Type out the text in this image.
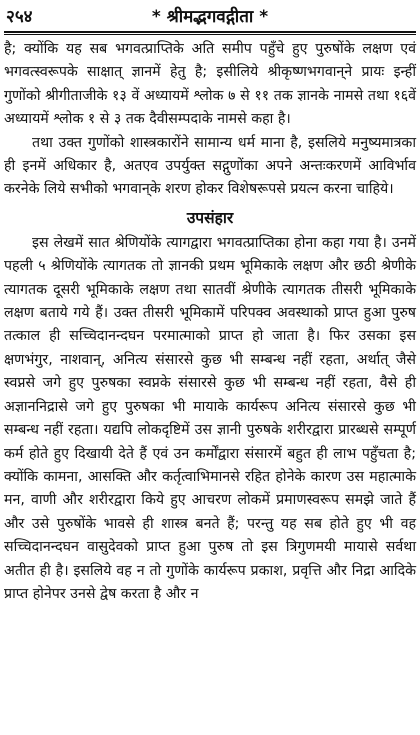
२५४	* श्रीमद्भगवद्गीता *

है; क्योंकि यह सब भगवत्प्राप्तिके अति समीप पहुँचे हुए पुरुषोंके लक्षण एवं भगवत्स्वरूपके साक्षात् ज्ञानमें हेतु है; इसीलिये श्रीकृष्णभगवान्‌ने प्रायः इन्हीं गुणोंको श्रीगीताजीके १३ वें अध्यायमें श्लोक ७ से ११ तक ज्ञानके नामसे तथा १६वें अध्यायमें श्लोक १ से ३ तक दैवीसम्पदाके नामसे कहा है।

तथा उक्त गुणोंको शास्त्रकारोंने सामान्य धर्म माना है, इसलिये मनुष्यमात्रका ही इनमें अधिकार है, अतएव उपर्युक्त सद्गुणोंका अपने अन्तःकरणमें आविर्भाव करनेके लिये सभीको भगवान्‌के शरण होकर विशेषरूपसे प्रयत्न करना चाहिये।

उपसंहार

इस लेखमें सात श्रेणियोंके त्यागद्वारा भगवत्प्राप्तिका होना कहा गया है। उनमें पहली ५ श्रेणियोंके त्यागतक तो ज्ञानकी प्रथम भूमिकाके लक्षण और छठी श्रेणीके त्यागतक दूसरी भूमिकाके लक्षण तथा सातवीं श्रेणीके त्यागतक तीसरी भूमिकाके लक्षण बताये गये हैं। उक्त तीसरी भूमिकामें परिपक्व अवस्थाको प्राप्त हुआ पुरुष तत्काल ही सच्चिदानन्दघन परमात्माको प्राप्त हो जाता है। फिर उसका इस क्षणभंगुर, नाशवान्, अनित्य संसारसे कुछ भी सम्बन्ध नहीं रहता, अर्थात् जैसे स्वप्नसे जगे हुए पुरुषका स्वप्नके संसारसे कुछ भी सम्बन्ध नहीं रहता, वैसे ही अज्ञाननिद्रासे जगे हुए पुरुषका भी मायाके कार्यरूप अनित्य संसारसे कुछ भी सम्बन्ध नहीं रहता। यद्यपि लोकदृष्टिमें उस ज्ञानी पुरुषके शरीरद्वारा प्रारब्धसे सम्पूर्ण कर्म होते हुए दिखायी देते हैं एवं उन कर्मोंद्वारा संसारमें बहुत ही लाभ पहुँचता है; क्योंकि कामना, आसक्ति और कर्तृत्वाभिमानसे रहित होनेके कारण उस महात्माके मन, वाणी और शरीरद्वारा किये हुए आचरण लोकमें प्रमाणस्वरूप समझे जाते हैं और उसे पुरुषोंके भावसे ही शास्त्र बनते हैं; परन्तु यह सब होते हुए भी वह सच्चिदानन्दघन वासुदेवको प्राप्त हुआ पुरुष तो इस त्रिगुणमयी मायासे सर्वथा अतीत ही है। इसलिये वह न तो गुणोंके कार्यरूप प्रकाश, प्रवृत्ति और निद्रा आदिके प्राप्त होनेपर उनसे द्वेष करता है और न
